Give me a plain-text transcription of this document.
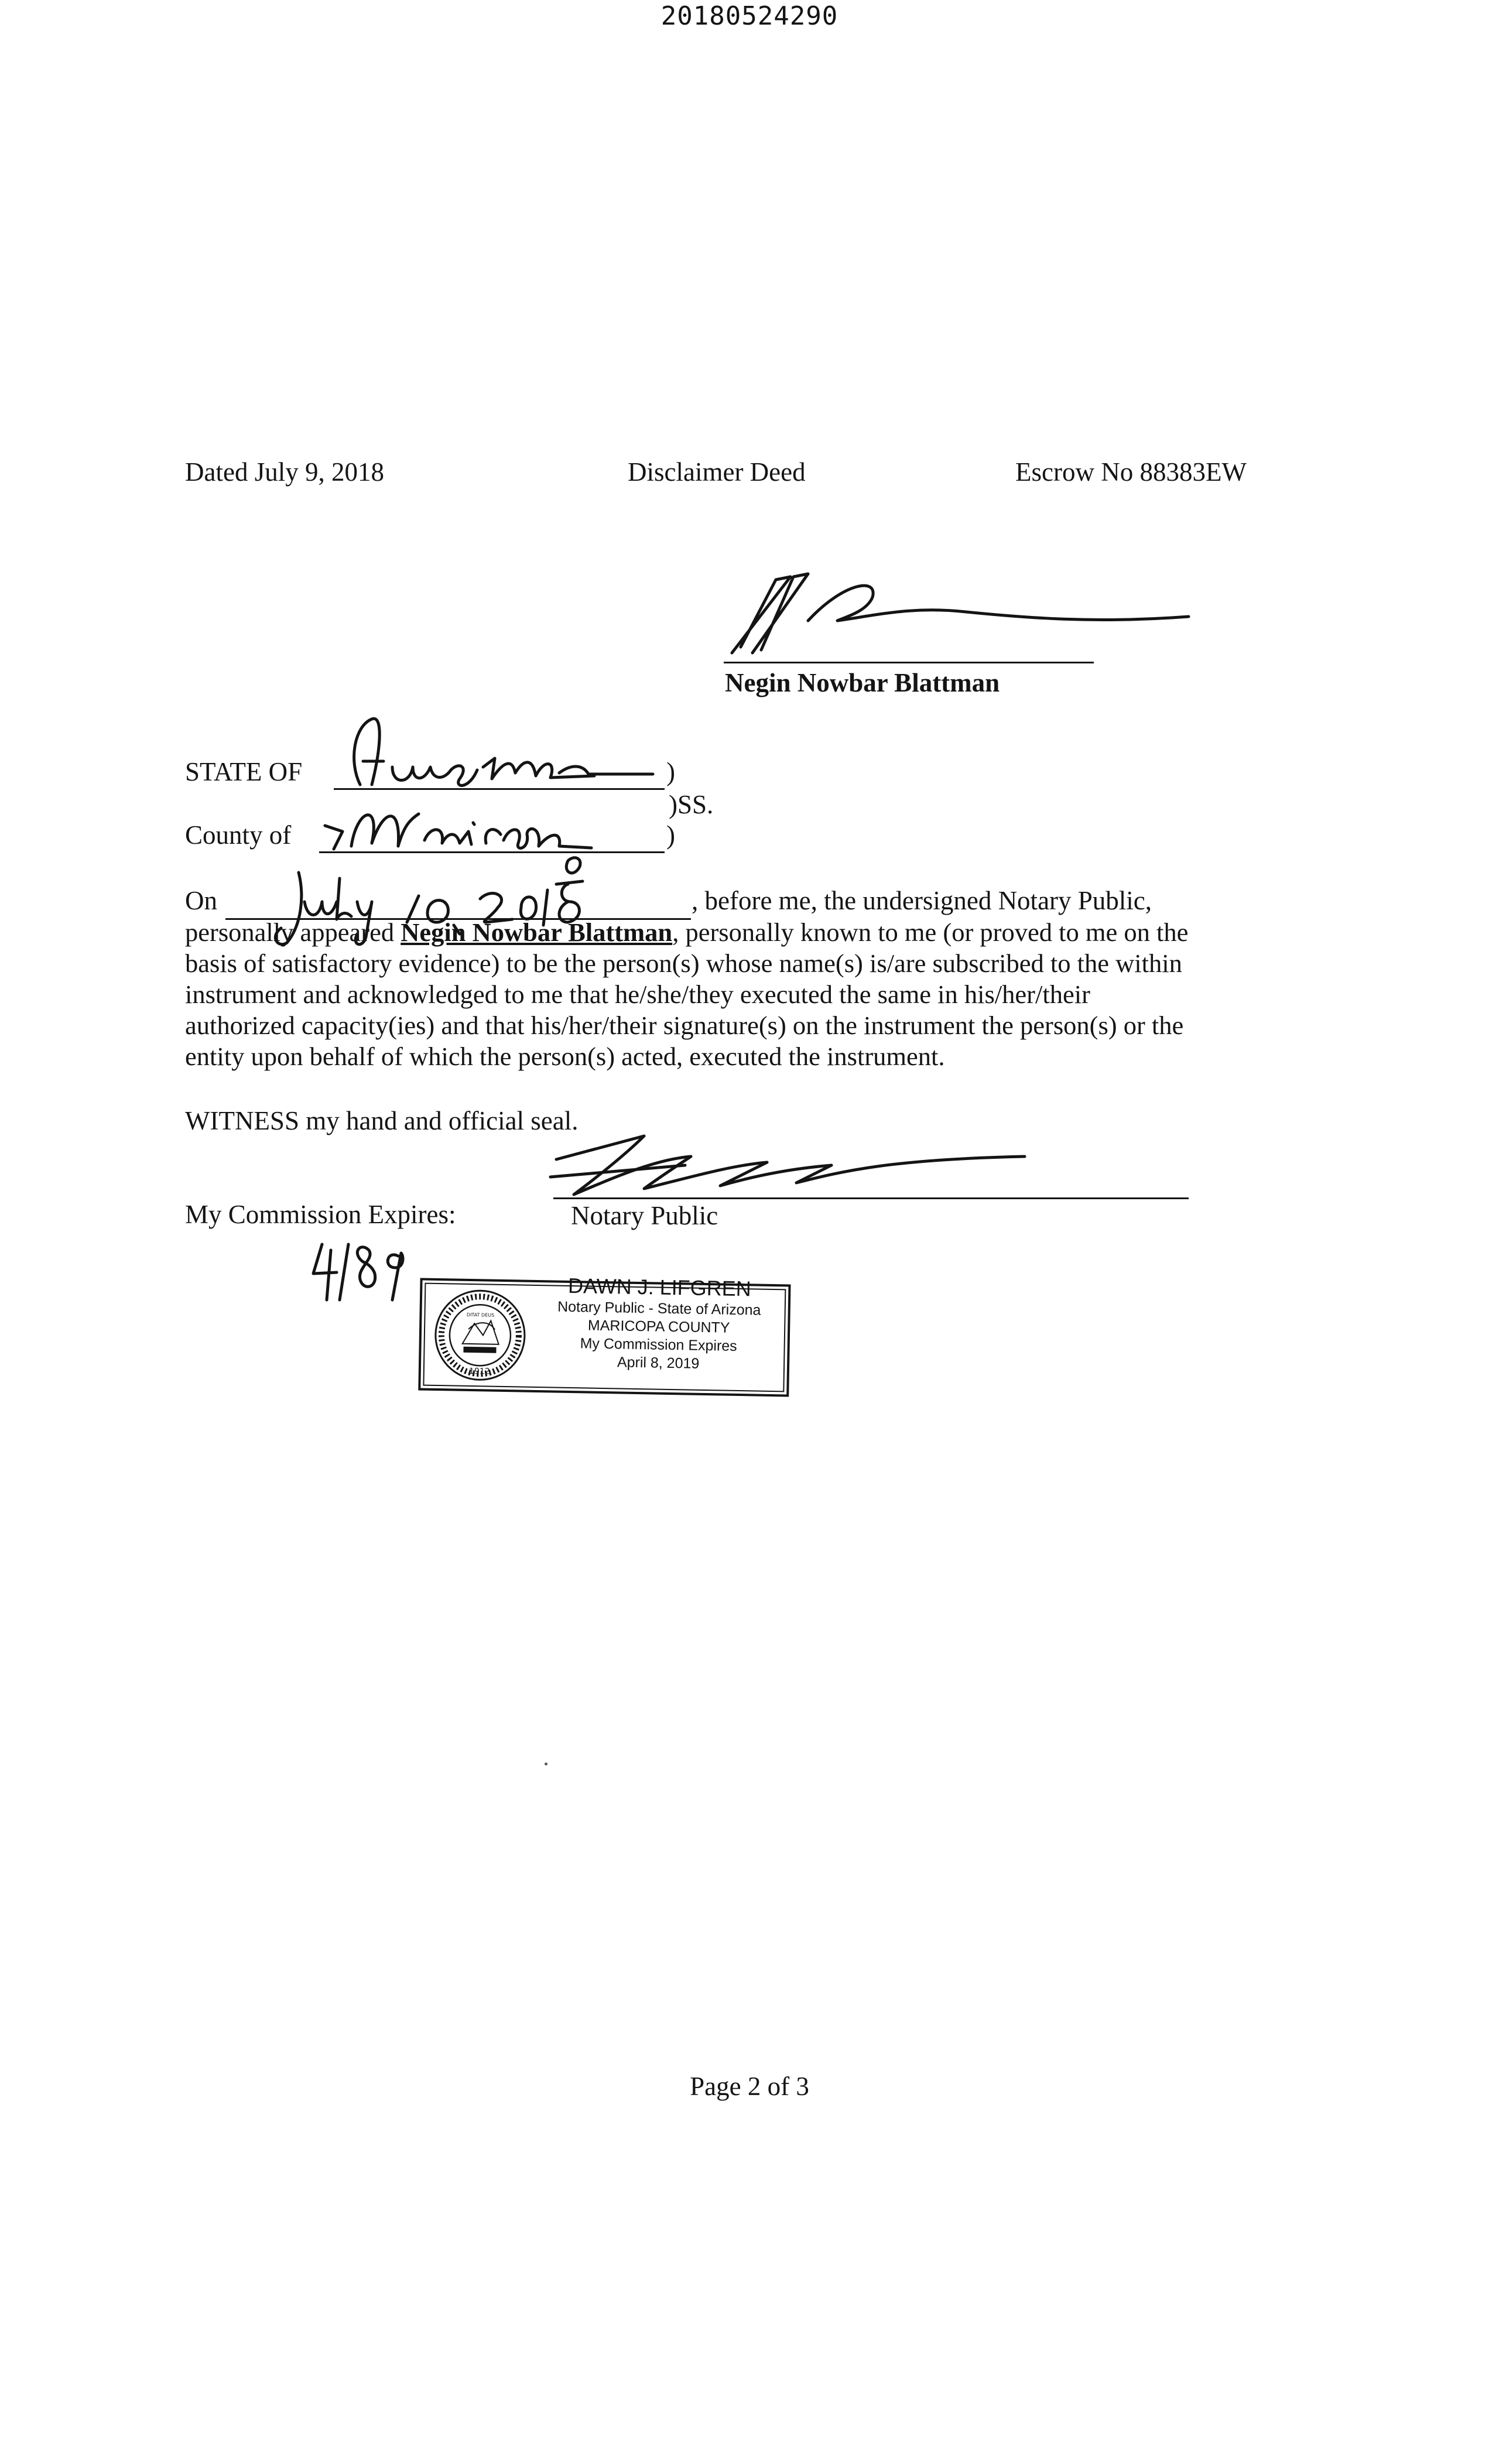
20180524290
Dated July 9, 2018	Disclaimer Deed	Escrow No 88383EW
Negin Nowbar Blattman
STATE OF	)
)SS.
County of	)
On	, before me, the undersigned Notary Public,
personally appeared Negin Nowbar Blattman, personally known to me (or proved to me on the
basis of satisfactory evidence) to be the person(s) whose name(s) is/are subscribed to the within
instrument and acknowledged to me that he/she/they executed the same in his/her/their
authorized capacity(ies) and that his/her/their signature(s) on the instrument the person(s) or the
entity upon behalf of which the person(s) acted, executed the instrument.
WITNESS my hand and official seal.
My Commission Expires:	Notary Public
1912
DITAT DEUS
DAWN J. LIFGREN
Notary Public - State of Arizona
MARICOPA COUNTY
My Commission Expires
April 8, 2019
Page 2 of 3
